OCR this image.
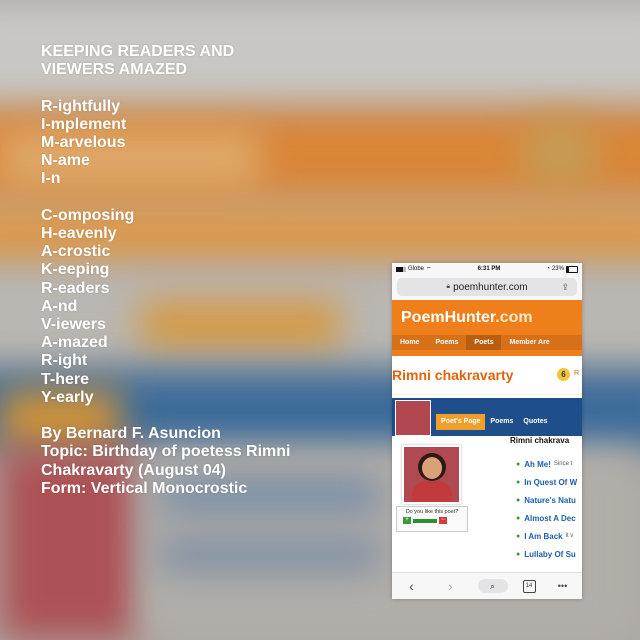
KEEPING READERS AND
VIEWERS AMAZED
R-ightfully
I-mplement
M-arvelous
N-ame
I-n
C-omposing
H-eavenly
A-crostic
K-eeping
R-eaders
A-nd
V-iewers
A-mazed
R-ight
T-here
Y-early
By Bernard F. Asuncion
Topic: Birthday of poetess Rimni
Chakravarty (August 04)
Form: Vertical Monocrostic
Globe ⌔	6:31 PM	◔ 23%
🔒︎ poemhunter.com	⇪
PoemHunter.com
Home	Poems	Poets	Member Are
Rimni chakravarty	6	R
Poet's Page	Poems	Quotes
Do you like this poet?
+	−
Rimni chakrava
● Ah Me! Since t
● In Quest Of W
● Nature's Natu
● Almost A Dec
● I Am Back it v
● Lullaby Of Su
‹	›	⌕	14	•••
